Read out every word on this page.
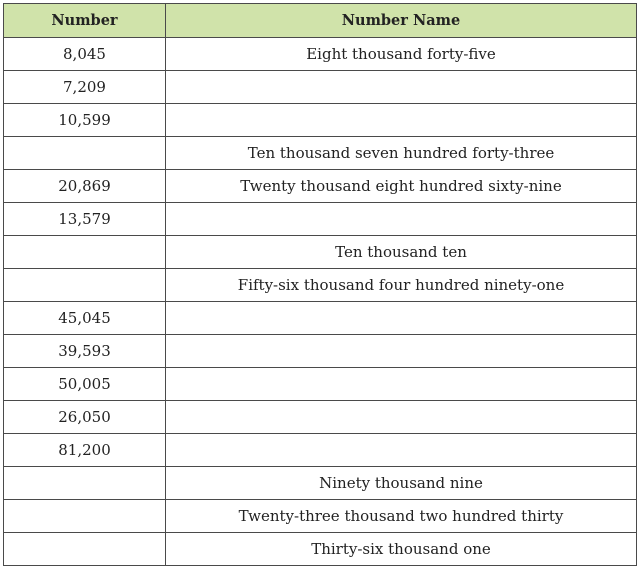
Number	Number Name
8,045	Eight thousand forty-five
7,209	
10,599	
	Ten thousand seven hundred forty-three
20,869	Twenty thousand eight hundred sixty-nine
13,579	
	Ten thousand ten
	Fifty-six thousand four hundred ninety-one
45,045	
39,593	
50,005	
26,050	
81,200	
	Ninety thousand nine
	Twenty-three thousand two hundred thirty
	Thirty-six thousand one
